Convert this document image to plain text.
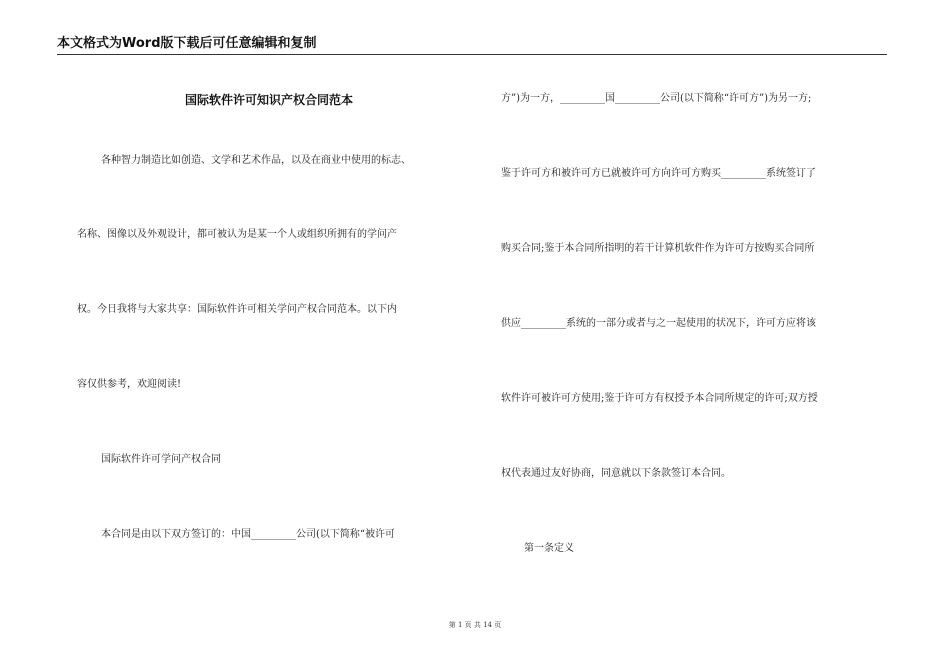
本文格式为Word版下载后可任意编辑和复制
国际软件许可知识产权合同范本
各种智力制造比如创造、文学和艺术作品，以及在商业中使用的标志、
名称、图像以及外观设计，都可被认为是某一个人或组织所拥有的学问产
权。今日我将与大家共享：国际软件许可相关学问产权合同范本。以下内
容仅供参考，欢迎阅读!
国际软件许可学问产权合同
本合同是由以下双方签订的：中国_________公司(以下简称“被许可
方”)为一方，_________国_________公司(以下简称“许可方”)为另一方;
鉴于许可方和被许可方已就被许可方向许可方购买_________系统签订了
购买合同;鉴于本合同所指明的若干计算机软件作为许可方按购买合同所
供应_________系统的一部分或者与之一起使用的状况下，许可方应将该
软件许可被许可方使用;鉴于许可方有权授予本合同所规定的许可;双方授
权代表通过友好协商，同意就以下条款签订本合同。
第一条定义
第 1 页 共 14 页
